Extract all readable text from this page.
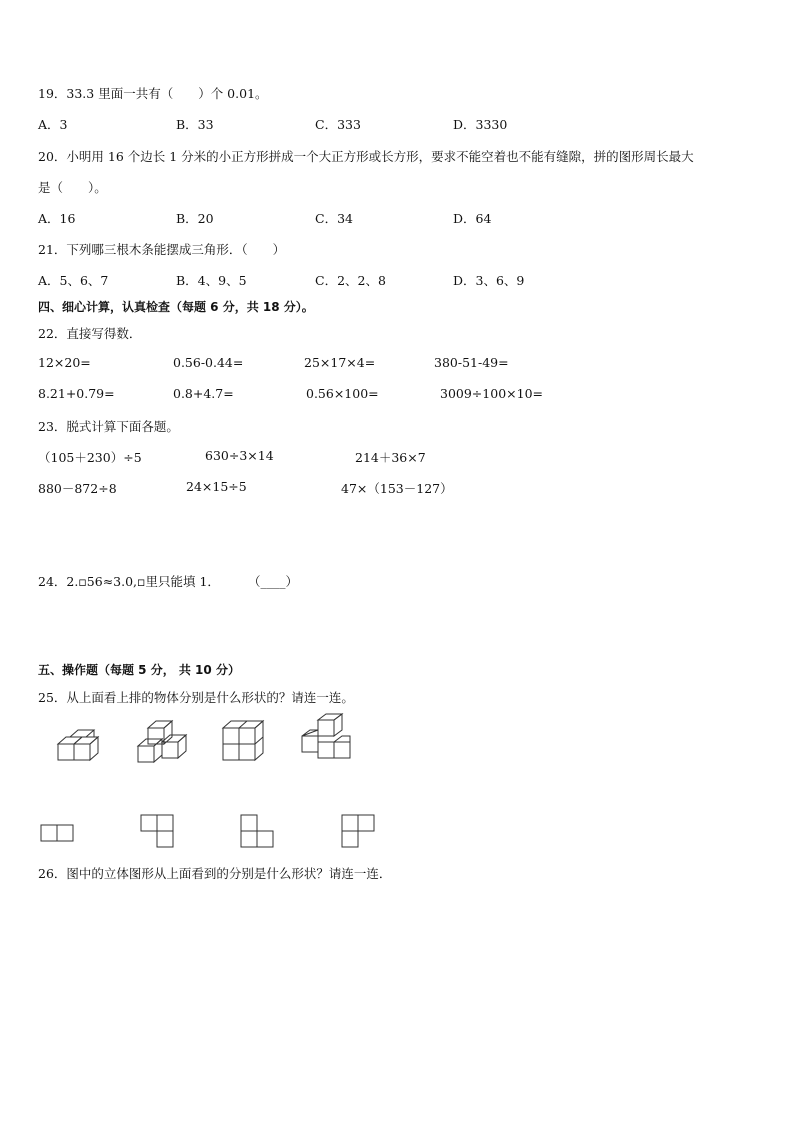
19．33.3 里面一共有（　　）个 0.01。
A．3	B．33	C．333	D．3330
20．小明用 16 个边长 1 分米的小正方形拼成一个大正方形或长方形，要求不能空着也不能有缝隙，拼的图形周长最大
是（　　）。
A．16	B．20	C．34	D．64
21．下列哪三根木条能摆成三角形．（　　）
A．5、6、7	B．4、9、5	C．2、2、8	D．3、6、9
四、细心计算，认真检查（每题 6 分，共 18 分）。
22．直接写得数．
12×20=	0.56-0.44=	25×17×4=	380-51-49=
8.21+0.79=	0.8+4.7=	0.56×100=	3009÷100×10=
23．脱式计算下面各题。
（105＋230）÷5	630÷3×14	214＋36×7
880－872÷8	24×15÷5	47×（153－127）
24．2.▫56≈3.0,▫里只能填 1． （____）
五、操作题（每题 5 分， 共 10 分）
25．从上面看上排的物体分别是什么形状的？请连一连。
26．图中的立体图形从上面看到的分别是什么形状？请连一连．
